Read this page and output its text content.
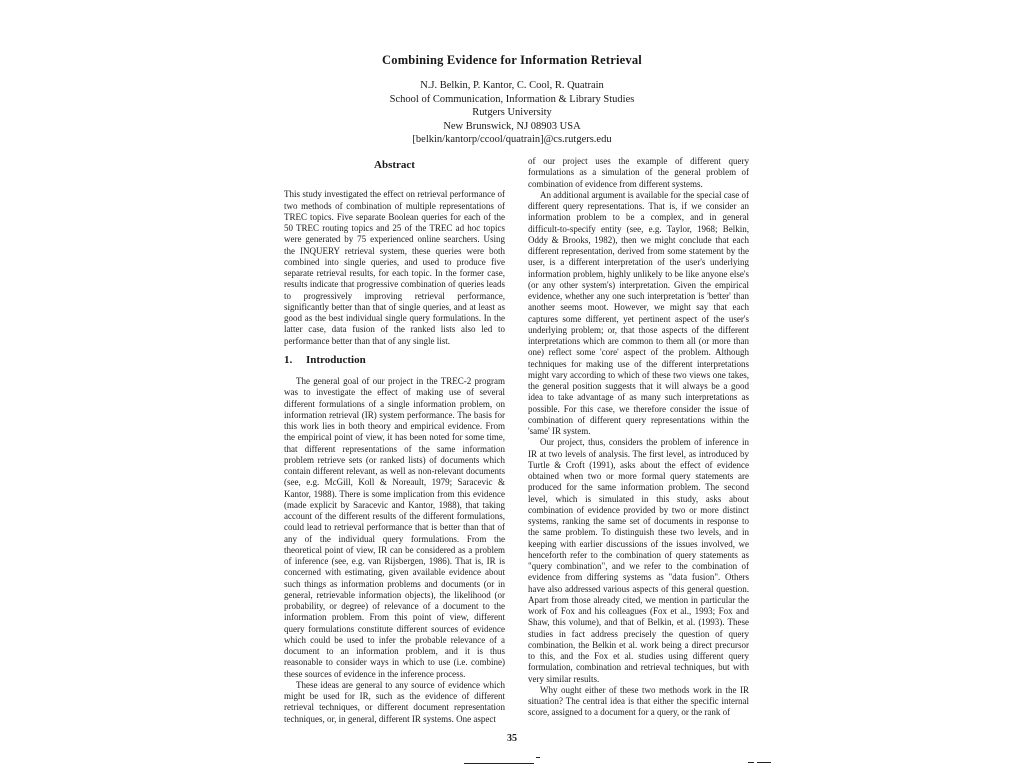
Combining Evidence for Information Retrieval
N.J. Belkin, P. Kantor, C. Cool, R. Quatrain
School of Communication, Information & Library Studies
Rutgers University
New Brunswick, NJ 08903 USA
[belkin/kantorp/ccool/quatrain]@cs.rutgers.edu
Abstract

This study investigated the effect on retrieval performance of two methods of combination of multiple representations of TREC topics. Five separate Boolean queries for each of the 50 TREC routing topics and 25 of the TREC ad hoc topics were generated by 75 experienced online searchers. Using the INQUERY retrieval system, these queries were both combined into single queries, and used to produce five separate retrieval results, for each topic. In the former case, results indicate that progressive combination of queries leads to progressively improving retrieval performance, significantly better than that of single queries, and at least as good as the best individual single query formulations. In the latter case, data fusion of the ranked lists also led to performance better than that of any single list.

1. Introduction

The general goal of our project in the TREC-2 program was to investigate the effect of making use of several different formulations of a single information problem, on information retrieval (IR) system performance. The basis for this work lies in both theory and empirical evidence. From the empirical point of view, it has been noted for some time, that different representations of the same information problem retrieve sets (or ranked lists) of documents which contain different relevant, as well as non-relevant documents (see, e.g. McGill, Koll & Noreault, 1979; Saracevic & Kantor, 1988). There is some implication from this evidence (made explicit by Saracevic and Kantor, 1988), that taking account of the different results of the different formulations, could lead to retrieval performance that is better than that of any of the individual query formulations. From the theoretical point of view, IR can be considered as a problem of inference (see, e.g. van Rijsbergen, 1986). That is, IR is concerned with estimating, given available evidence about such things as information problems and documents (or in general, retrievable information objects), the likelihood (or probability, or degree) of relevance of a document to the information problem. From this point of view, different query formulations constitute different sources of evidence which could be used to infer the probable relevance of a document to an information problem, and it is thus reasonable to consider ways in which to use (i.e. combine) these sources of evidence in the inference process.

These ideas are general to any source of evidence which might be used for IR, such as the evidence of different retrieval techniques, or different document representation techniques, or, in general, different IR systems. One aspect

of our project uses the example of different query formulations as a simulation of the general problem of combination of evidence from different systems.

An additional argument is available for the special case of different query representations. That is, if we consider an information problem to be a complex, and in general difficult-to-specify entity (see, e.g. Taylor, 1968; Belkin, Oddy & Brooks, 1982), then we might conclude that each different representation, derived from some statement by the user, is a different interpretation of the user's underlying information problem, highly unlikely to be like anyone else's (or any other system's) interpretation. Given the empirical evidence, whether any one such interpretation is 'better' than another seems moot. However, we might say that each captures some different, yet pertinent aspect of the user's underlying problem; or, that those aspects of the different interpretations which are common to them all (or more than one) reflect some 'core' aspect of the problem. Although techniques for making use of the different interpretations might vary according to which of these two views one takes, the general position suggests that it will always be a good idea to take advantage of as many such interpretations as possible. For this case, we therefore consider the issue of combination of different query representations within the 'same' IR system.

Our project, thus, considers the problem of inference in IR at two levels of analysis. The first level, as introduced by Turtle & Croft (1991), asks about the effect of evidence obtained when two or more formal query statements are produced for the same information problem. The second level, which is simulated in this study, asks about combination of evidence provided by two or more distinct systems, ranking the same set of documents in response to the same problem. To distinguish these two levels, and in keeping with earlier discussions of the issues involved, we henceforth refer to the combination of query statements as "query combination", and we refer to the combination of evidence from differing systems as "data fusion". Others have also addressed various aspects of this general question. Apart from those already cited, we mention in particular the work of Fox and his colleagues (Fox et al., 1993; Fox and Shaw, this volume), and that of Belkin, et al. (1993). These studies in fact address precisely the question of query combination, the Belkin et al. work being a direct precursor to this, and the Fox et al. studies using different query formulation, combination and retrieval techniques, but with very similar results.

Why ought either of these two methods work in the IR situation? The central idea is that either the specific internal score, assigned to a document for a query, or the rank of

35
